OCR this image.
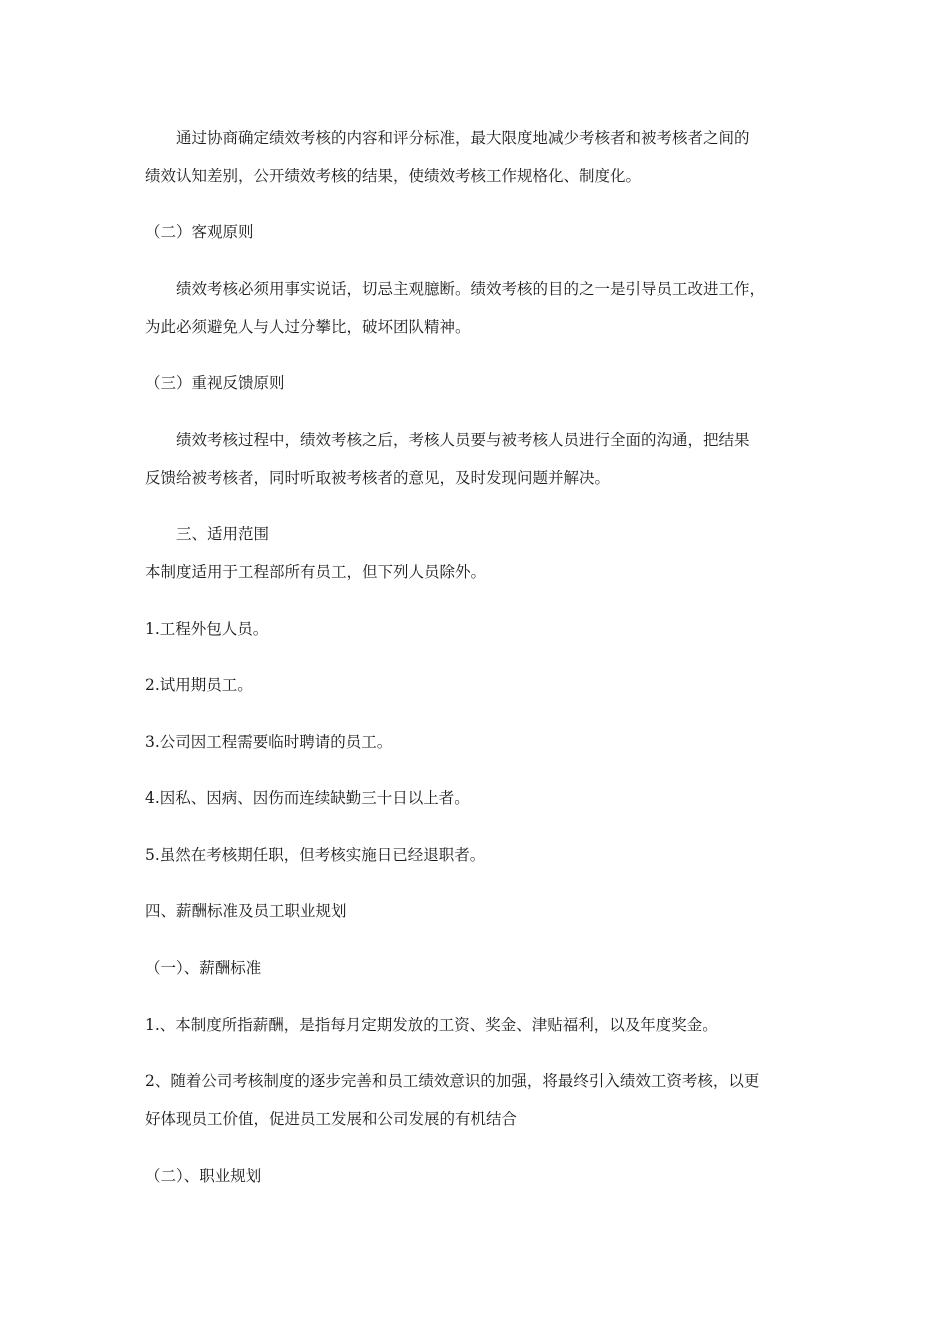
通过协商确定绩效考核的内容和评分标准，最大限度地减少考核者和被考核者之间的
绩效认知差别，公开绩效考核的结果，使绩效考核工作规格化、制度化。
（二）客观原则
绩效考核必须用事实说话，切忌主观臆断。绩效考核的目的之一是引导员工改进工作，
为此必须避免人与人过分攀比，破坏团队精神。
（三）重视反馈原则
绩效考核过程中，绩效考核之后，考核人员要与被考核人员进行全面的沟通，把结果
反馈给被考核者，同时听取被考核者的意见，及时发现问题并解决。
三、适用范围
本制度适用于工程部所有员工，但下列人员除外。
1.工程外包人员。
2.试用期员工。
3.公司因工程需要临时聘请的员工。
4.因私、因病、因伤而连续缺勤三十日以上者。
5.虽然在考核期任职，但考核实施日已经退职者。
四、薪酬标准及员工职业规划
（一）、薪酬标准
1.、本制度所指薪酬，是指每月定期发放的工资、奖金、津贴福利，以及年度奖金。
2、随着公司考核制度的逐步完善和员工绩效意识的加强，将最终引入绩效工资考核，以更
好体现员工价值，促进员工发展和公司发展的有机结合
（二）、职业规划
